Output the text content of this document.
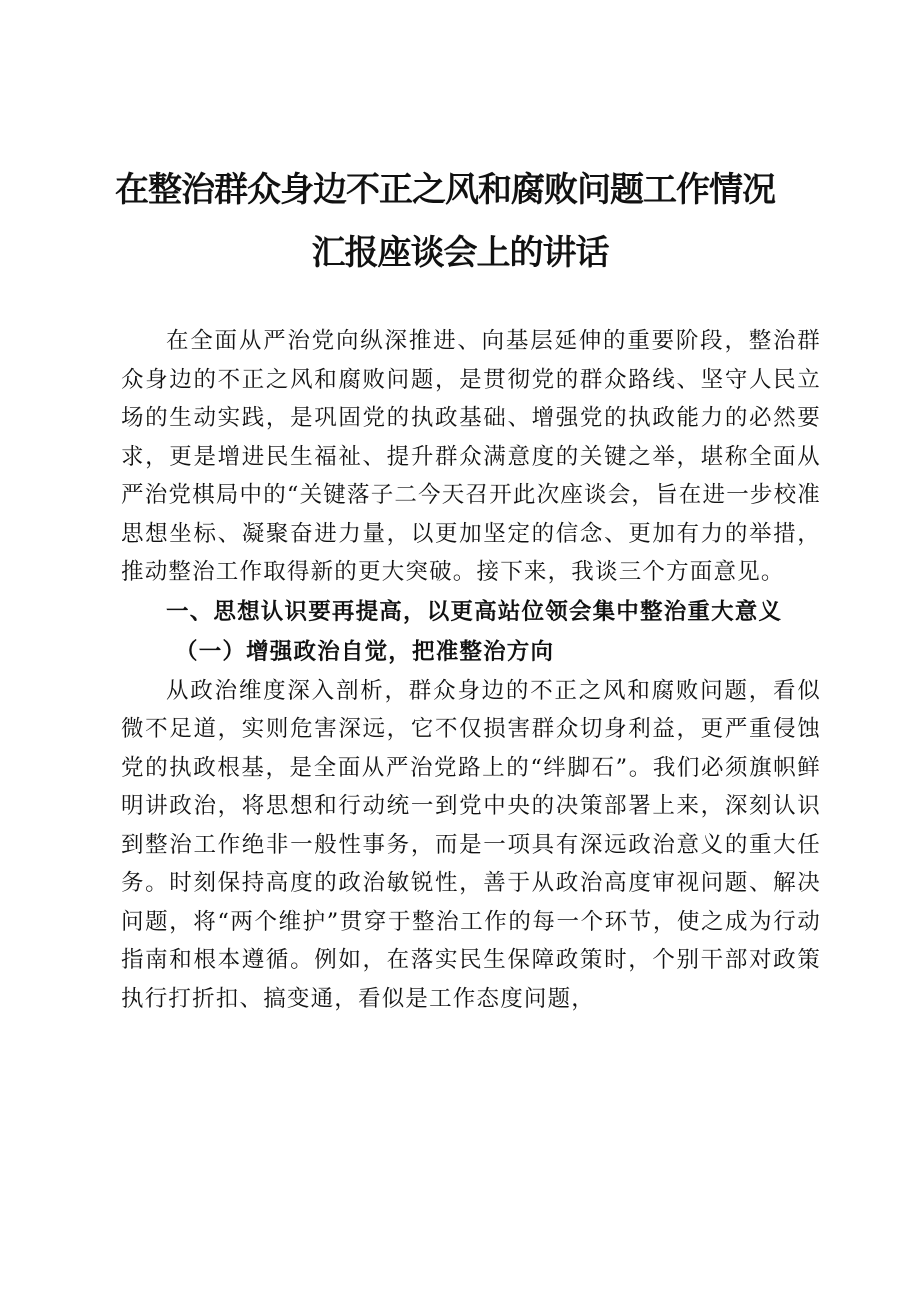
在整治群众身边不正之风和腐败问题工作情况
汇报座谈会上的讲话

在全面从严治党向纵深推进、向基层延伸的重要阶段，整治群众身边的不正之风和腐败问题，是贯彻党的群众路线、坚守人民立场的生动实践，是巩固党的执政基础、增强党的执政能力的必然要求，更是增进民生福祉、提升群众满意度的关键之举，堪称全面从严治党棋局中的“关键落子二今天召开此次座谈会，旨在进一步校准思想坐标、凝聚奋进力量，以更加坚定的信念、更加有力的举措，推动整治工作取得新的更大突破。接下来，我谈三个方面意见。

一、思想认识要再提高，以更高站位领会集中整治重大意义

（一）增强政治自觉，把准整治方向

从政治维度深入剖析，群众身边的不正之风和腐败问题，看似微不足道，实则危害深远，它不仅损害群众切身利益，更严重侵蚀党的执政根基，是全面从严治党路上的“绊脚石”。我们必须旗帜鲜明讲政治，将思想和行动统一到党中央的决策部署上来，深刻认识到整治工作绝非一般性事务，而是一项具有深远政治意义的重大任务。时刻保持高度的政治敏锐性，善于从政治高度审视问题、解决问题，将“两个维护”贯穿于整治工作的每一个环节，使之成为行动指南和根本遵循。例如，在落实民生保障政策时，个别干部对政策执行打折扣、搞变通，看似是工作态度问题，
